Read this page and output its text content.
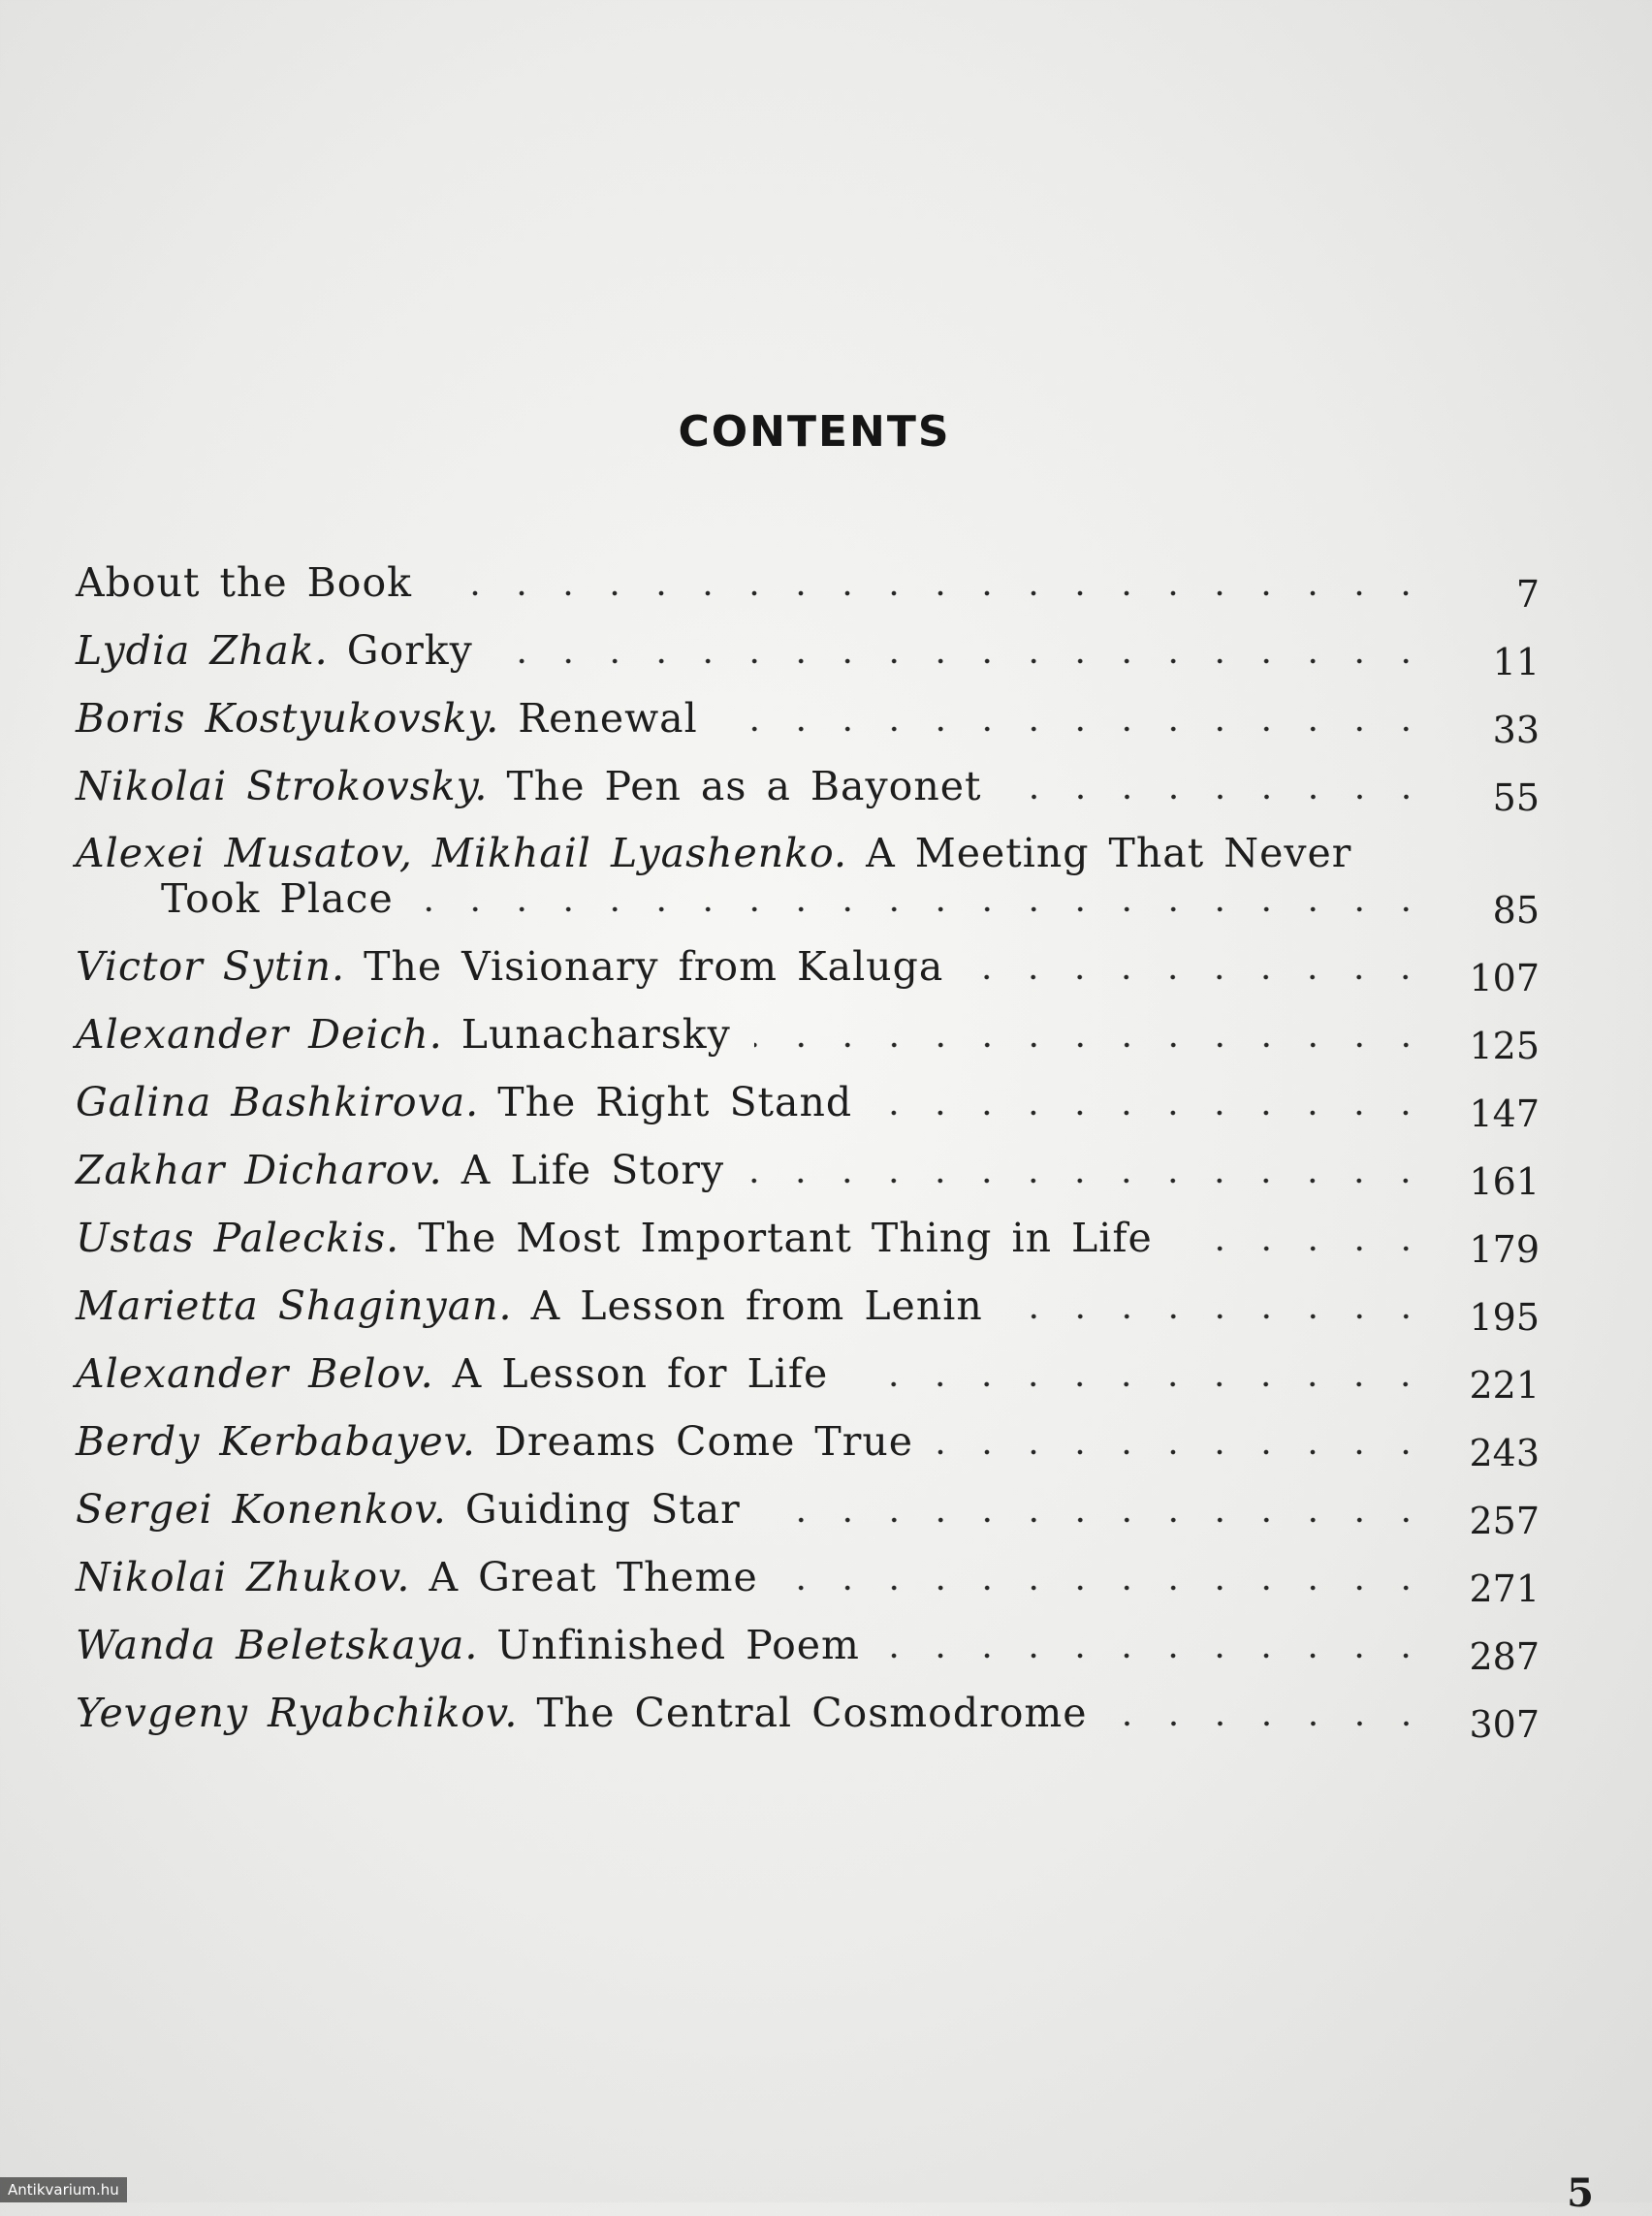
CONTENTS
About the Book	7
Lydia Zhak. Gorky	11
Boris Kostyukovsky. Renewal	33
Nikolai Strokovsky. The Pen as a Bayonet	55
Alexei Musatov, Mikhail Lyashenko. A Meeting That Never
Took Place	85
Victor Sytin. The Visionary from Kaluga	107
Alexander Deich. Lunacharsky	125
Galina Bashkirova. The Right Stand	147
Zakhar Dicharov. A Life Story	161
Ustas Paleckis. The Most Important Thing in Life	179
Marietta Shaginyan. A Lesson from Lenin	195
Alexander Belov. A Lesson for Life	221
Berdy Kerbabayev. Dreams Come True	243
Sergei Konenkov. Guiding Star	257
Nikolai Zhukov. A Great Theme	271
Wanda Beletskaya. Unfinished Poem	287
Yevgeny Ryabchikov. The Central Cosmodrome	307
5
Antikvarium.hu
